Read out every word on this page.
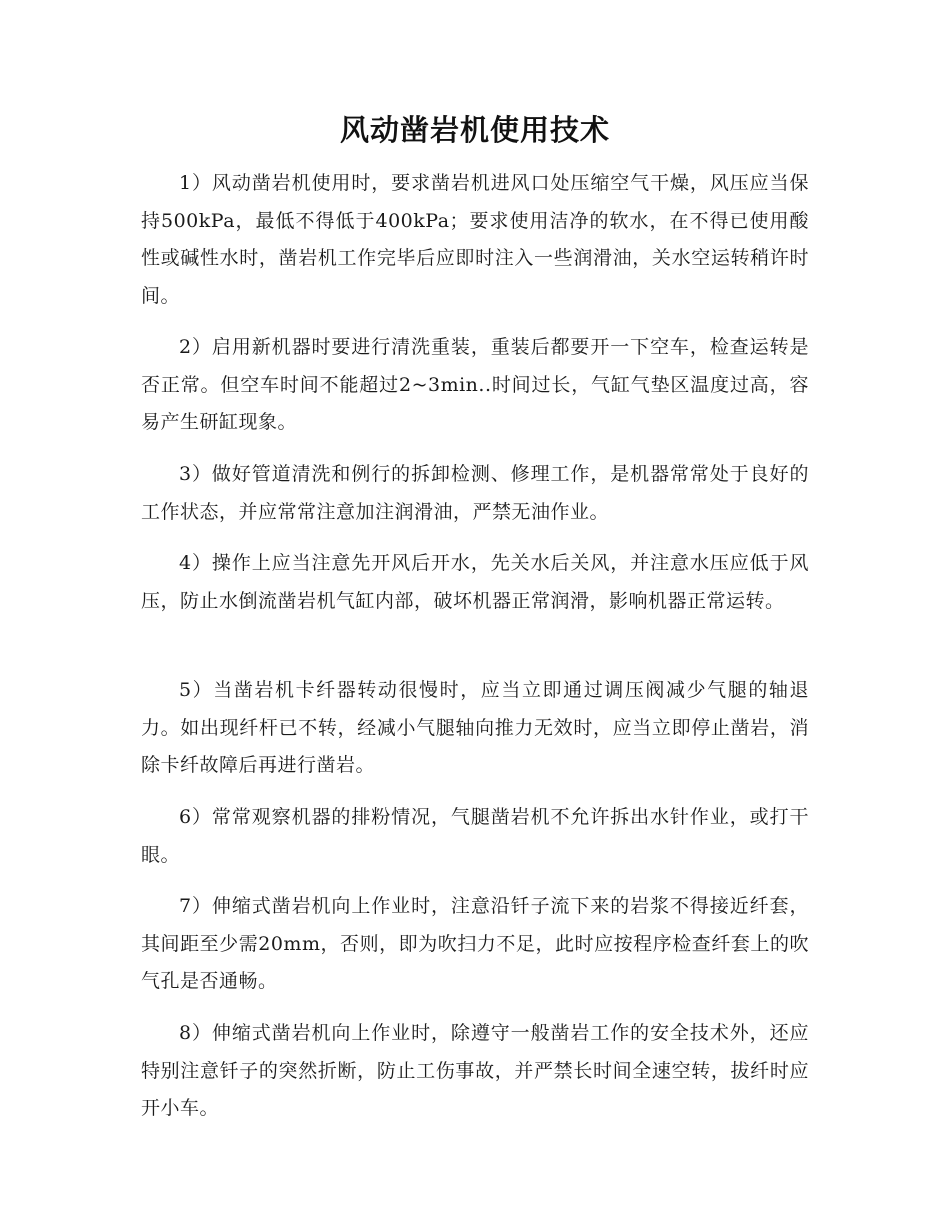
风动凿岩机使用技术

1）风动凿岩机使用时，要求凿岩机进风口处压缩空气干燥，风压应当保持500kPa，最低不得低于400kPa；要求使用洁净的软水，在不得已使用酸性或碱性水时，凿岩机工作完毕后应即时注入一些润滑油，关水空运转稍许时间。

2）启用新机器时要进行清洗重装，重装后都要开一下空车，检查运转是否正常。但空车时间不能超过2~3min..时间过长，气缸气垫区温度过高，容易产生研缸现象。

3）做好管道清洗和例行的拆卸检测、修理工作，是机器常常处于良好的工作状态，并应常常注意加注润滑油，严禁无油作业。

4）操作上应当注意先开风后开水，先关水后关风，并注意水压应低于风压，防止水倒流凿岩机气缸内部，破坏机器正常润滑，影响机器正常运转。

5）当凿岩机卡纤器转动很慢时，应当立即通过调压阀减少气腿的轴退力。如出现纤杆已不转，经减小气腿轴向推力无效时，应当立即停止凿岩，消除卡纤故障后再进行凿岩。

6）常常观察机器的排粉情况，气腿凿岩机不允许拆出水针作业，或打干眼。

7）伸缩式凿岩机向上作业时，注意沿钎子流下来的岩浆不得接近纤套，其间距至少需20mm，否则，即为吹扫力不足，此时应按程序检查纤套上的吹气孔是否通畅。

8）伸缩式凿岩机向上作业时，除遵守一般凿岩工作的安全技术外，还应特别注意钎子的突然折断，防止工伤事故，并严禁长时间全速空转，拔纤时应开小车。
